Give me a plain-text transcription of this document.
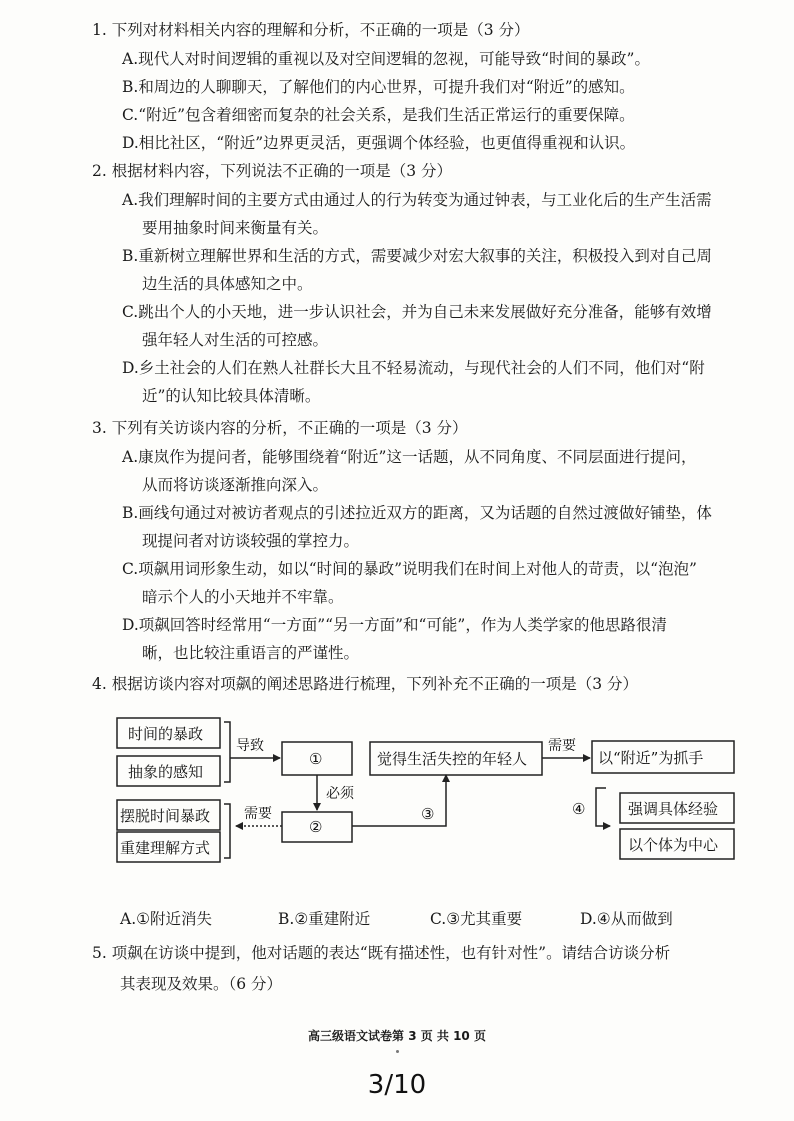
1. 下列对材料相关内容的理解和分析，不正确的一项是（3 分）
A.现代人对时间逻辑的重视以及对空间逻辑的忽视，可能导致“时间的暴政”。
B.和周边的人聊聊天，了解他们的内心世界，可提升我们对“附近”的感知。
C.“附近”包含着细密而复杂的社会关系，是我们生活正常运行的重要保障。
D.相比社区，“附近”边界更灵活，更强调个体经验，也更值得重视和认识。
2. 根据材料内容，下列说法不正确的一项是（3 分）
A.我们理解时间的主要方式由通过人的行为转变为通过钟表，与工业化后的生产生活需
要用抽象时间来衡量有关。
B.重新树立理解世界和生活的方式，需要减少对宏大叙事的关注，积极投入到对自己周
边生活的具体感知之中。
C.跳出个人的小天地，进一步认识社会，并为自己未来发展做好充分准备，能够有效增
强年轻人对生活的可控感。
D.乡土社会的人们在熟人社群长大且不轻易流动，与现代社会的人们不同，他们对“附
近”的认知比较具体清晰。
3. 下列有关访谈内容的分析，不正确的一项是（3 分）
A.康岚作为提问者，能够围绕着“附近”这一话题，从不同角度、不同层面进行提问，
从而将访谈逐渐推向深入。
B.画线句通过对被访者观点的引述拉近双方的距离，又为话题的自然过渡做好铺垫，体
现提问者对访谈较强的掌控力。
C.项飙用词形象生动，如以“时间的暴政”说明我们在时间上对他人的苛责，以“泡泡”
暗示个人的小天地并不牢靠。
D.项飙回答时经常用“一方面”“另一方面”和“可能”，作为人类学家的他思路很清
晰，也比较注重语言的严谨性。
4. 根据访谈内容对项飙的阐述思路进行梳理，下列补充不正确的一项是（3 分）
时间的暴政
抽象的感知
摆脱时间暴政
重建理解方式
导致
需要
必须
需要
①
②
③	④
觉得生活失控的年轻人	以“附近”为抓手
强调具体经验
以个体为中心
A.①附近消失	B.②重建附近	C.③尤其重要	D.④从而做到
5. 项飙在访谈中提到，他对话题的表达“既有描述性，也有针对性”。请结合访谈分析
其表现及效果。（6 分）
高三级语文试卷第 3 页 共 10 页
3/10
